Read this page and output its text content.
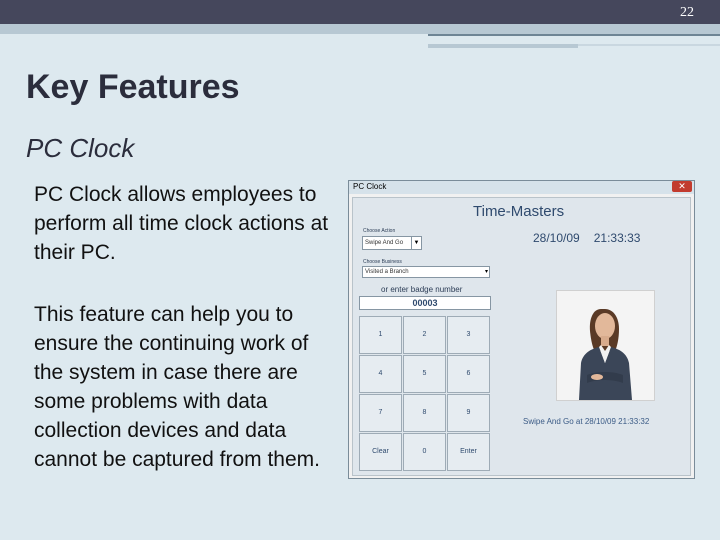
22
Key Features
PC Clock
PC Clock allows employees to perform all time clock actions at their PC.
This feature can help you to ensure the continuing work of the system in case there are some problems with data collection devices and data cannot be captured from them.
PC Clock	✕
Time-Masters
28/10/09 21:33:33
Choose Action
Swipe And Go	▼
Choose Business
Visited a Branch	▾
or enter badge number
00003
1	2	3
4	5	6
7	8	9
Clear	0	Enter
Swipe And Go at 28/10/09 21:33:32
